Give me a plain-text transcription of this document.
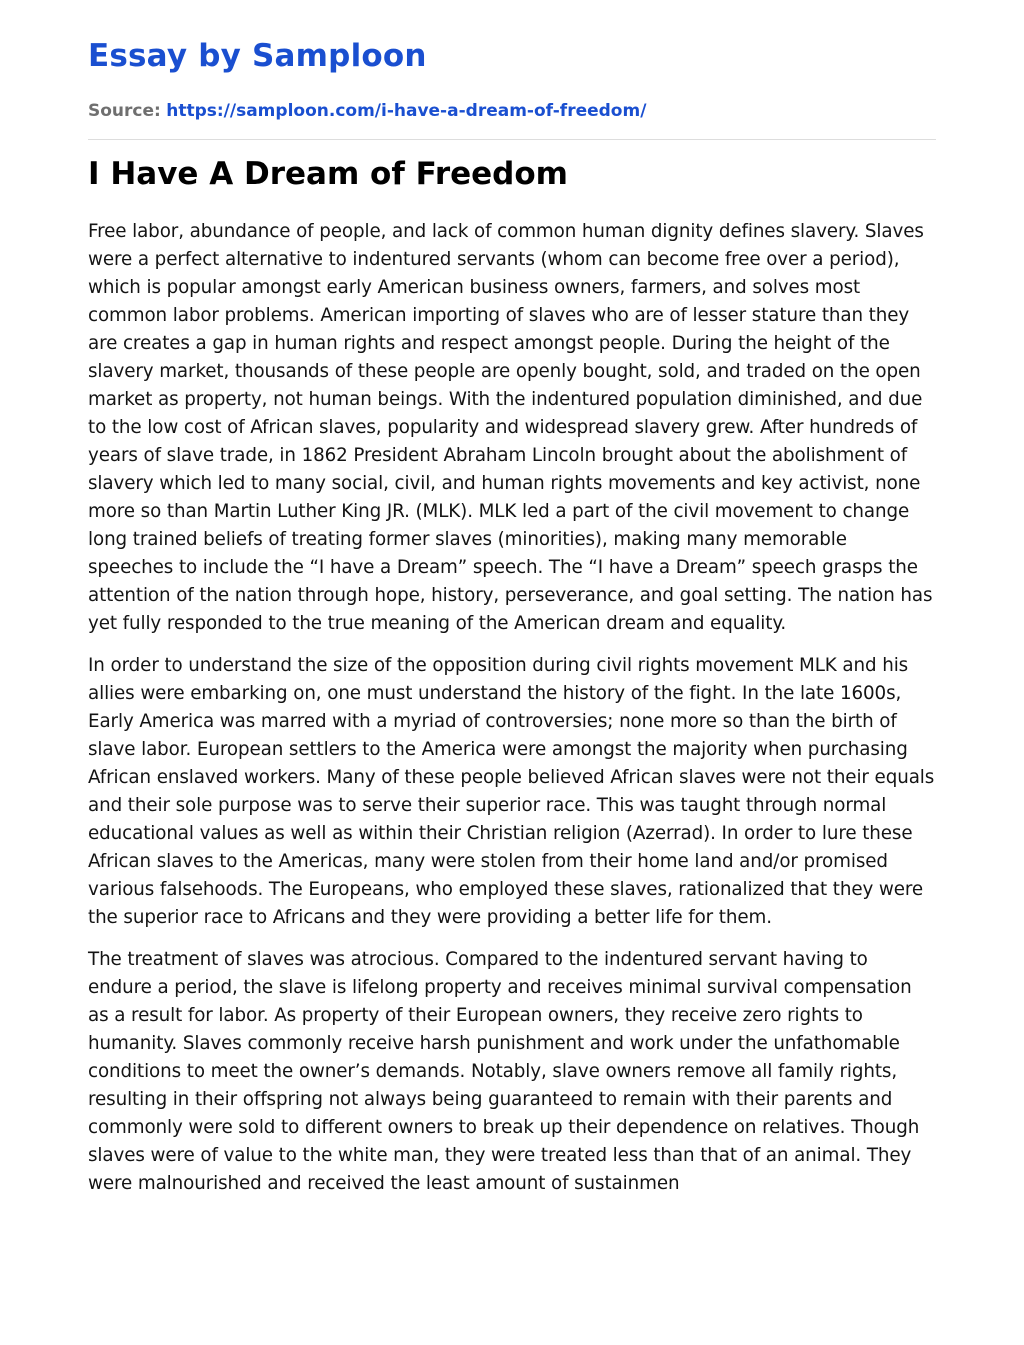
Essay by Samploon
Source: https://samploon.com/i-have-a-dream-of-freedom/
I Have A Dream of Freedom

Free labor, abundance of people, and lack of common human dignity defines slavery. Slaves were a perfect alternative to indentured servants (whom can become free over a period), which is popular amongst early American business owners, farmers, and solves most common labor problems. American importing of slaves who are of lesser stature than they are creates a gap in human rights and respect amongst people. During the height of the slavery market, thousands of these people are openly bought, sold, and traded on the open market as property, not human beings. With the indentured population diminished, and due to the low cost of African slaves, popularity and widespread slavery grew. After hundreds of years of slave trade, in 1862 President Abraham Lincoln brought about the abolishment of slavery which led to many social, civil, and human rights movements and key activist, none more so than Martin Luther King JR. (MLK). MLK led a part of the civil movement to change long trained beliefs of treating former slaves (minorities), making many memorable speeches to include the “I have a Dream” speech. The “I have a Dream” speech grasps the attention of the nation through hope, history, perseverance, and goal setting. The nation has yet fully responded to the true meaning of the American dream and equality.

In order to understand the size of the opposition during civil rights movement MLK and his allies were embarking on, one must understand the history of the fight. In the late 1600s, Early America was marred with a myriad of controversies; none more so than the birth of slave labor. European settlers to the America were amongst the majority when purchasing African enslaved workers. Many of these people believed African slaves were not their equals and their sole purpose was to serve their superior race. This was taught through normal educational values as well as within their Christian religion (Azerrad). In order to lure these African slaves to the Americas, many were stolen from their home land and/or promised various falsehoods. The Europeans, who employed these slaves, rationalized that they were the superior race to Africans and they were providing a better life for them.

The treatment of slaves was atrocious. Compared to the indentured servant having to endure a period, the slave is lifelong property and receives minimal survival compensation as a result for labor. As property of their European owners, they receive zero rights to humanity. Slaves commonly receive harsh punishment and work under the unfathomable conditions to meet the owner’s demands. Notably, slave owners remove all family rights, resulting in their offspring not always being guaranteed to remain with their parents and commonly were sold to different owners to break up their dependence on relatives. Though slaves were of value to the white man, they were treated less than that of an animal. They were malnourished and received the least amount of sustainmen
